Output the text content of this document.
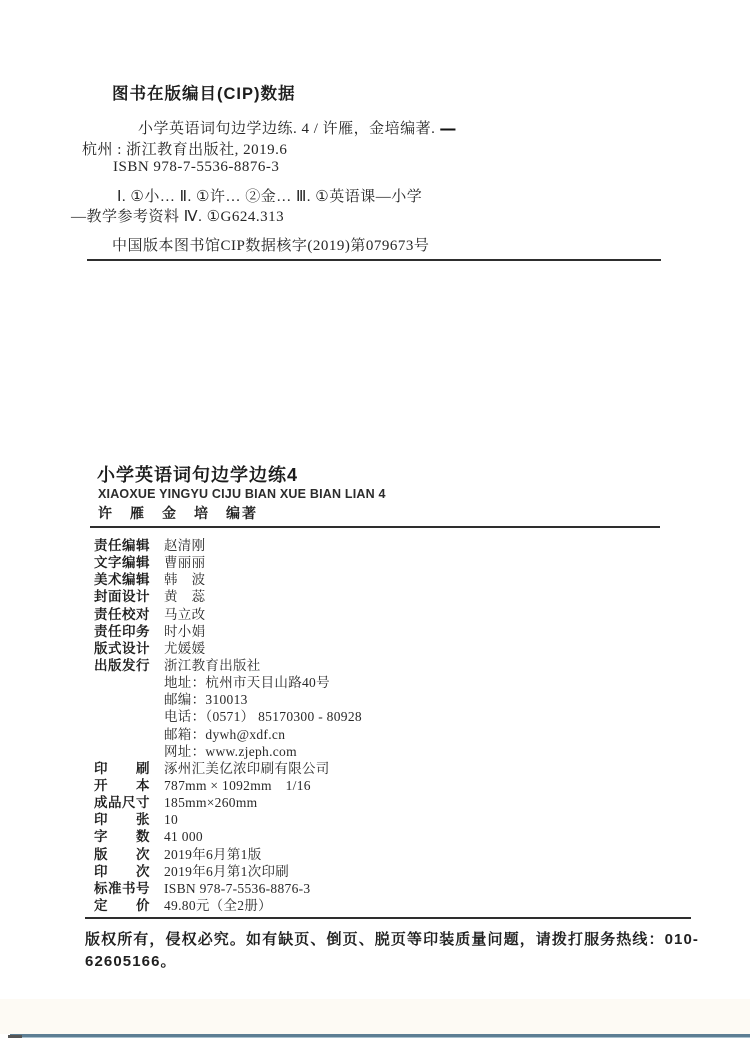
图书在版编目(CIP)数据
小学英语词句边学边练. 4 / 许雁，金培编著. —
杭州 : 浙江教育出版社, 2019.6
ISBN 978-7-5536-8876-3
Ⅰ. ①小… Ⅱ. ①许… ②金… Ⅲ. ①英语课—小学
—教学参考资料 Ⅳ. ①G624.313
中国版本图书馆CIP数据核字(2019)第079673号
小学英语词句边学边练4
XIAOXUE YINGYU CIJU BIAN XUE BIAN LIAN 4
许　雁　金　培　编著
责任编辑 赵清刚
文字编辑 曹丽丽
美术编辑 韩　波
封面设计 黄　蕊
责任校对 马立改
责任印务 时小娟
版式设计 尤媛媛
出版发行 浙江教育出版社
地址：杭州市天目山路40号
邮编：310013
电话：（0571） 85170300 - 80928
邮箱：dywh@xdf.cn
网址：www.zjeph.com
印　　刷 涿州汇美亿浓印刷有限公司
开　　本 787mm × 1092mm　1/16
成品尺寸 185mm×260mm
印　　张 10
字　　数 41 000
版　　次 2019年6月第1版
印　　次 2019年6月第1次印刷
标准书号 ISBN 978-7-5536-8876-3
定　　价 49.80元（全2册）
版权所有，侵权必究。如有缺页、倒页、脱页等印装质量问题，请拨打服务热线：010-
62605166。
